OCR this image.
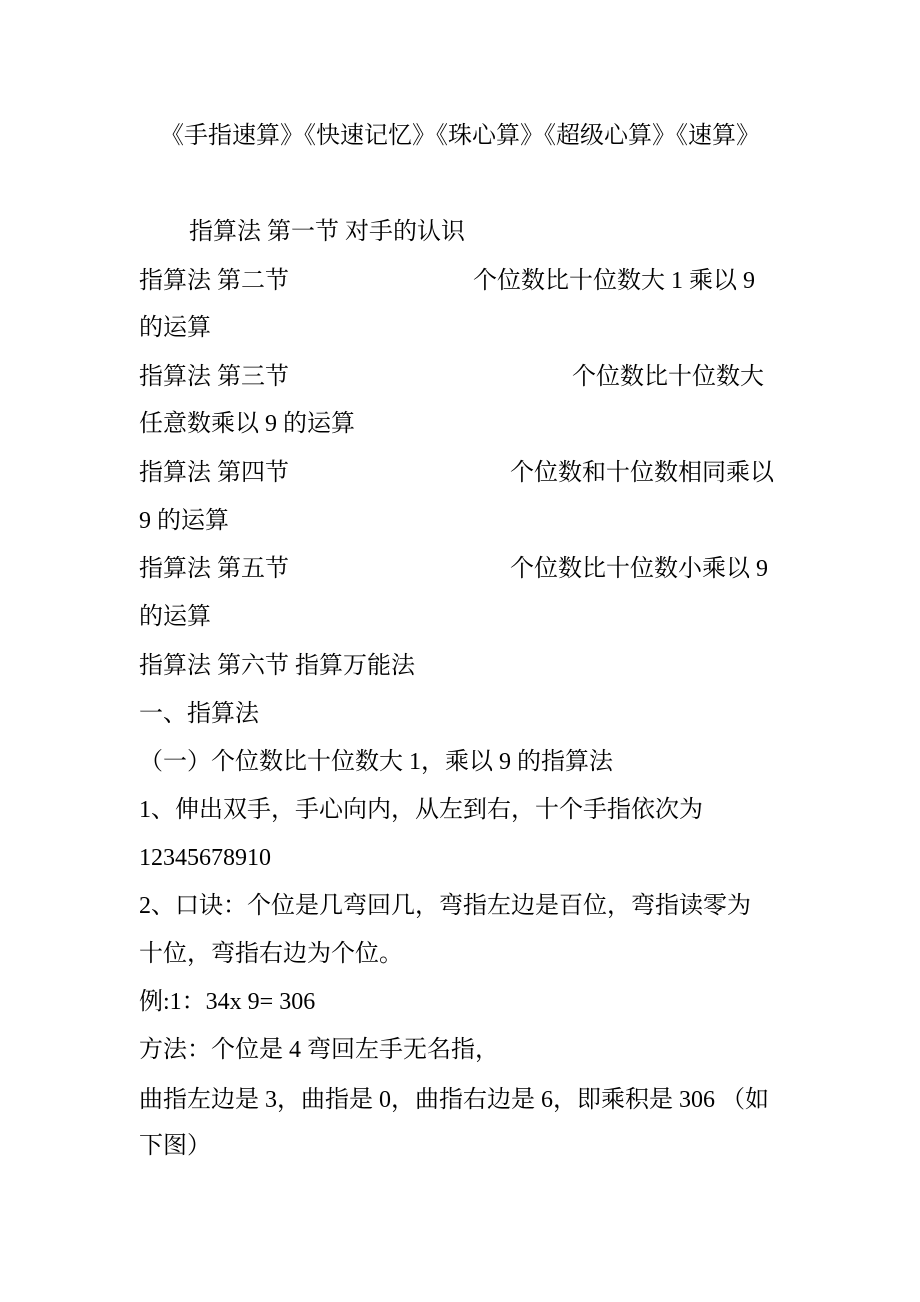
《手指速算》《快速记忆》《珠心算》《超级心算》《速算》
指算法 第一节 对手的认识
指算法 第二节	个位数比十位数大 1 乘以 9
的运算
指算法 第三节	个位数比十位数大
任意数乘以 9 的运算
指算法 第四节	个位数和十位数相同乘以
9 的运算
指算法 第五节	个位数比十位数小乘以 9
的运算
指算法 第六节 指算万能法
一、指算法
（一）个位数比十位数大 1，乘以 9 的指算法
1、伸出双手，手心向内，从左到右，十个手指依次为
12345678910
2、口诀：个位是几弯回几，弯指左边是百位，弯指读零为
十位，弯指右边为个位。
例:1：34x 9= 306
方法：个位是 4 弯回左手无名指，
曲指左边是 3，曲指是 0，曲指右边是 6，即乘积是 306 （如
下图）
